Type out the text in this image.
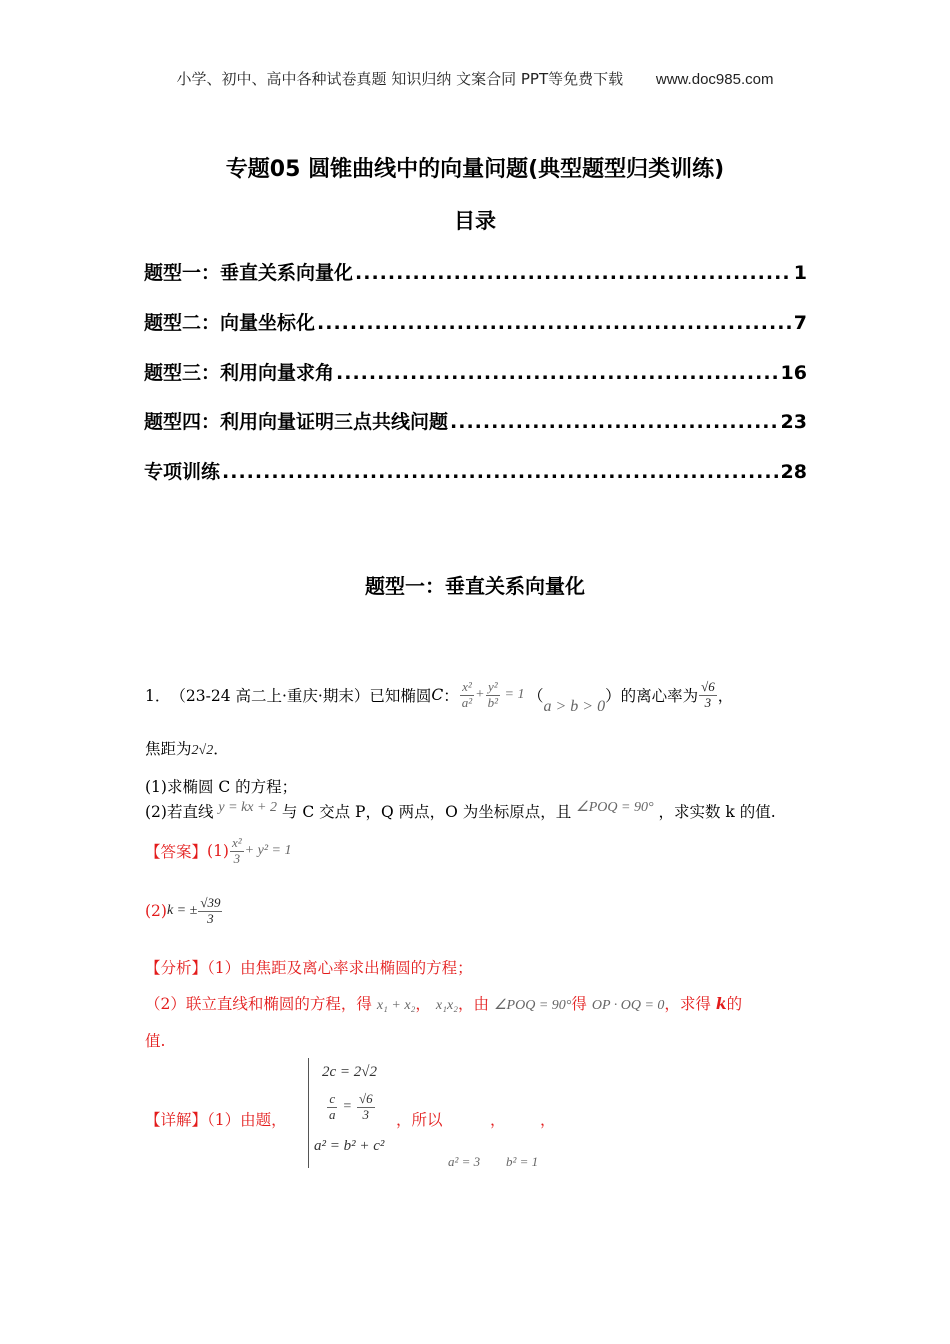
小学、初中、高中各种试卷真题 知识归纳 文案合同 PPT等免费下载 www.doc985.com
专题05 圆锥曲线中的向量问题(典型题型归类训练)
目录
题型一：垂直关系向量化 .....	1
题型二：向量坐标化 .....	7
题型三：利用向量求角 .....	16
题型四：利用向量证明三点共线问题 .....	23
专项训练 .....	28
题型一：垂直关系向量化
1． （23-24 高二上·重庆·期末） 已知椭圆 C ： $\frac{\text{x²}}{\text{a²}} + \frac{\text{y²}}{\text{b²}} = 1$ （
a > b > 0
） 的离心率为 $\frac{√6}{3}$ ，
焦距为2√2．
(1)求椭圆 C 的方程；
(2)若直线 y = kx + 2 与 C 交点 P，Q 两点，O 为坐标原点，且 ∠POQ = 90° ，求实数 k 的值.
【答案】 $(1) \frac{\text{x²}}{3} + y^2 = 1$
(2) k = ± $\frac{√39}{3}$
【分析】（1）由焦距及离心率求出椭圆的方程；
（2）联立直线和椭圆的方程，得 x₁ + x₂， x₁x₂，由 ∠POQ = 90°得 OP · OQ = 0，求得 k的
值.
【详解】（1）由题，
2c = 2√2
$\frac{c}{a} = \frac{√6}{3}$
a² = b² + c²
，所以	， ，
a² = 3 b² = 1
